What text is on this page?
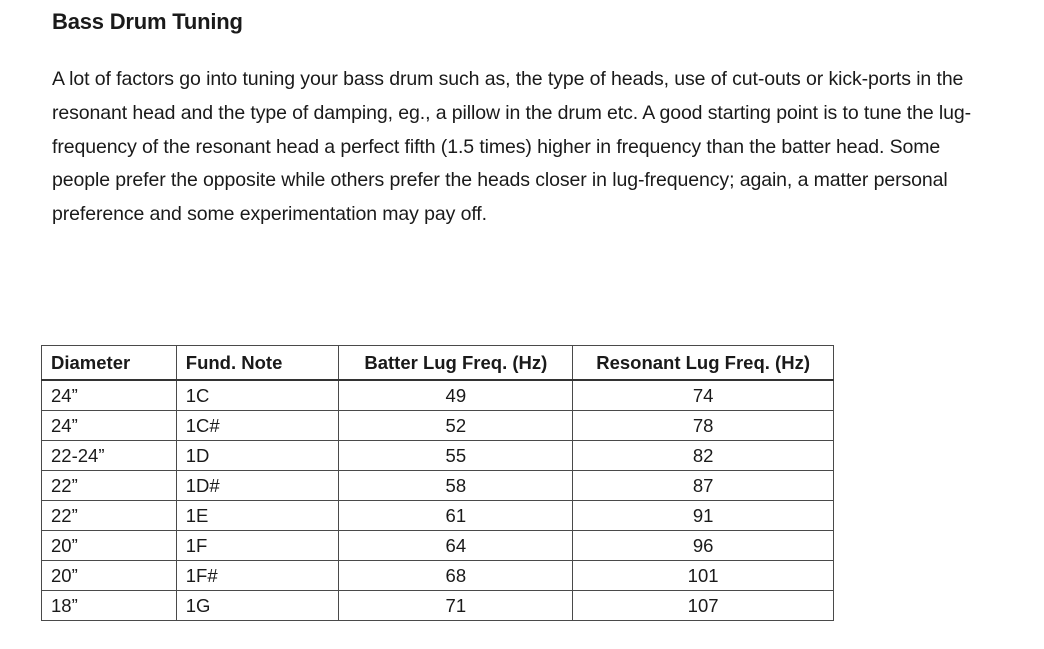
Bass Drum Tuning
A lot of factors go into tuning your bass drum such as, the type of heads, use of cut-outs or kick-ports in the resonant head and the type of damping, eg., a pillow in the drum etc. A good starting point is to tune the lug-frequency of the resonant head a perfect fifth (1.5 times) higher in frequency than the batter head. Some people prefer the opposite while others prefer the heads closer in lug-frequency; again, a matter personal preference and some experimentation may pay off.
Diameter	Fund. Note	Batter Lug Freq. (Hz)	Resonant Lug Freq. (Hz)
24”	1C	49	74
24”	1C#	52	78
22-24”	1D	55	82
22”	1D#	58	87
22”	1E	61	91
20”	1F	64	96
20”	1F#	68	101
18”	1G	71	107
